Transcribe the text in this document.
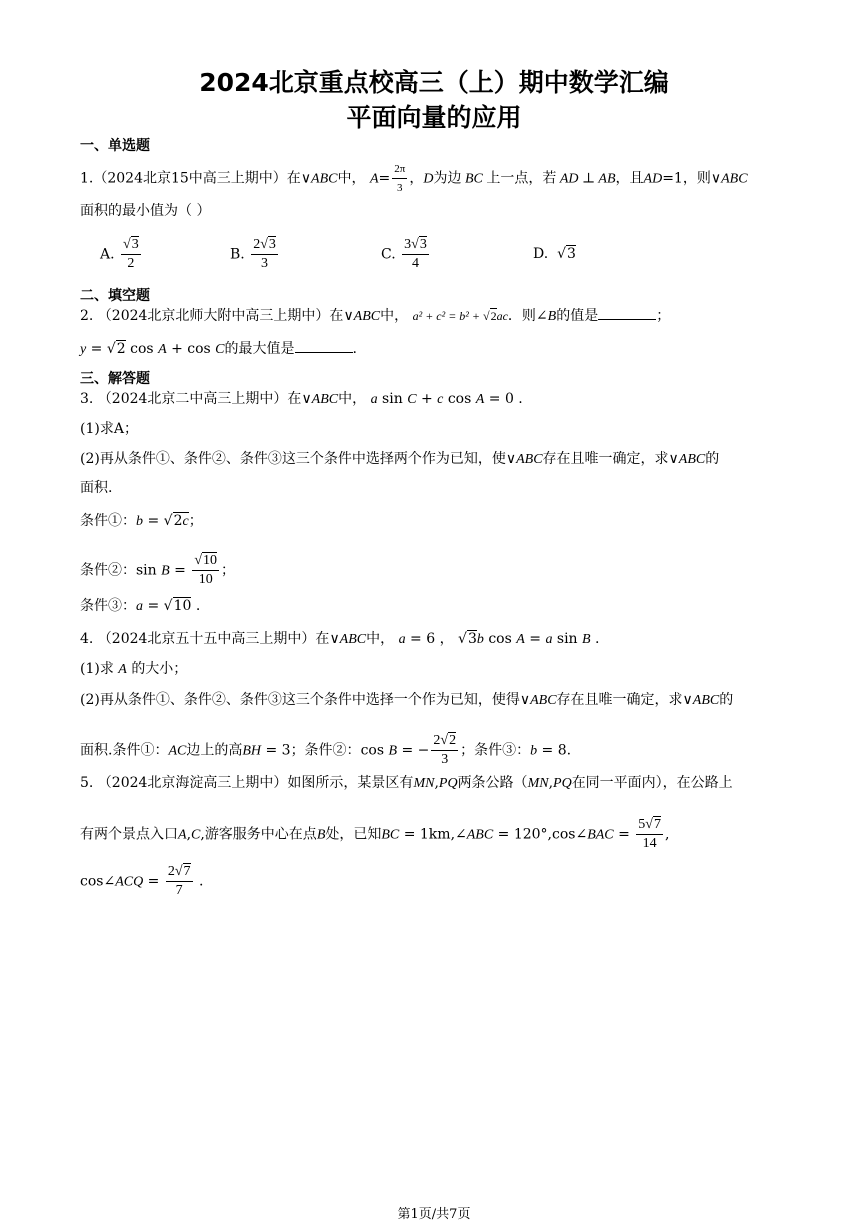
2024北京重点校高三（上）期中数学汇编
平面向量的应用
一、单选题
1.（2024北京15中高三上期中）在∨ABC中， $A= \frac{2\pi}{3}$ ，D为边 BC 上一点，若 AD ⊥ AB，且AD=1，则∨ABC
面积的最小值为（ ）
A. $\frac{√3}{2}$	B. $\frac{2√3}{3}$	C. $\frac{3√3}{4}$	D.  √3
二、填空题
2. （2024北京北师大附中高三上期中）在∨ABC中， a² + c² = b² + √2ac．则∠B的值是	；
y = √2 cos A + cos C的最大值是	.
三、解答题
3. （2024北京二中高三上期中）在∨ABC中， a sin C + c cos A = 0 .
(1)求A；
(2)再从条件①、条件②、条件③这三个条件中选择两个作为已知，使∨ABC存在且唯一确定，求∨ABC的
面积.
条件①：b = √2c；
条件②：$\sin B = \frac{√10}{10}$ ；
条件③：a = √10 .
4. （2024北京五十五中高三上期中）在∨ABC中， a = 6 ， √3b cos A = a sin B .
(1)求 A 的大小；
(2)再从条件①、条件②、条件③这三个条件中选择一个作为已知，使得∨ABC存在且唯一确定，求∨ABC的
面积.条件①：AC边上的高BH = 3；条件②：cos B = − $\frac{2√2}{3}$ ；条件③：b = 8.
5. （2024北京海淀高三上期中）如图所示，某景区有MN,PQ两条公路（MN,PQ在同一平面内），在公路上
有两个景点入口A,C,游客服务中心在点B处，已知BC = 1km,∠ABC = 120°,cos∠BAC = $\frac{5√7}{14}$ ,
cos∠ACQ = $\frac{2√7}{7}$ .
第1页/共7页
